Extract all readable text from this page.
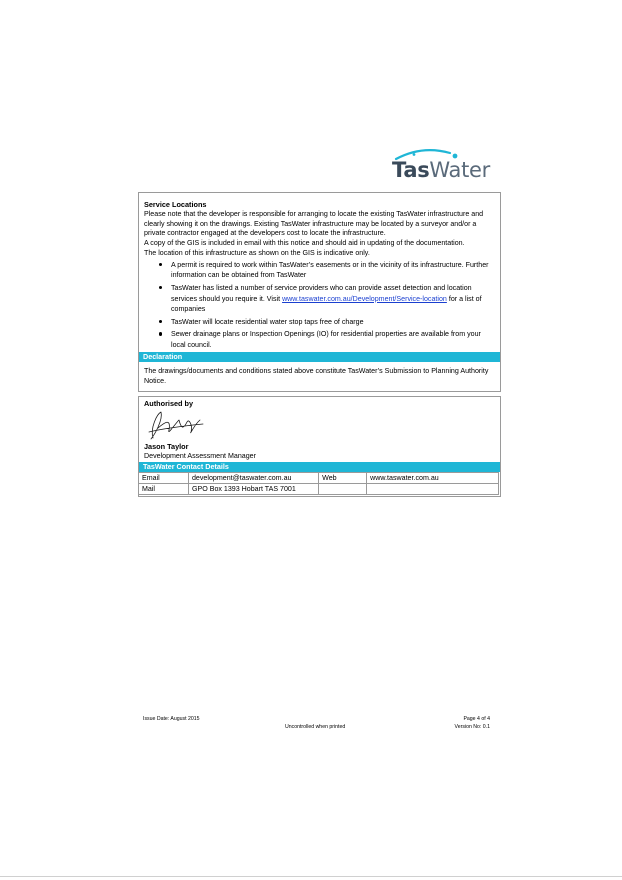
TasWater
Service Locations
Please note that the developer is responsible for arranging to locate the existing TasWater infrastructure and clearly showing it on the drawings. Existing TasWater infrastructure may be located by a surveyor and/or a private contractor engaged at the developers cost to locate the infrastructure.
A copy of the GIS is included in email with this notice and should aid in updating of the documentation.
The location of this infrastructure as shown on the GIS is indicative only.
A permit is required to work within TasWater’s easements or in the vicinity of its infrastructure. Further information can be obtained from TasWater
TasWater has listed a number of service providers who can provide asset detection and location services should you require it. Visit www.taswater.com.au/Development/Service-location for a list of companies
TasWater will locate residential water stop taps free of charge
Sewer drainage plans or Inspection Openings (IO) for residential properties are available from your local council.
Declaration
The drawings/documents and conditions stated above constitute TasWater’s Submission to Planning Authority Notice.
Authorised by
Jason Taylor
Development Assessment Manager
TasWater Contact Details
Email	development@taswater.com.au	Web	www.taswater.com.au
Mail	GPO Box 1393 Hobart TAS 7001		
Issue Date: August 2015
Uncontrolled when printed
Page 4 of 4
Version No: 0.1
